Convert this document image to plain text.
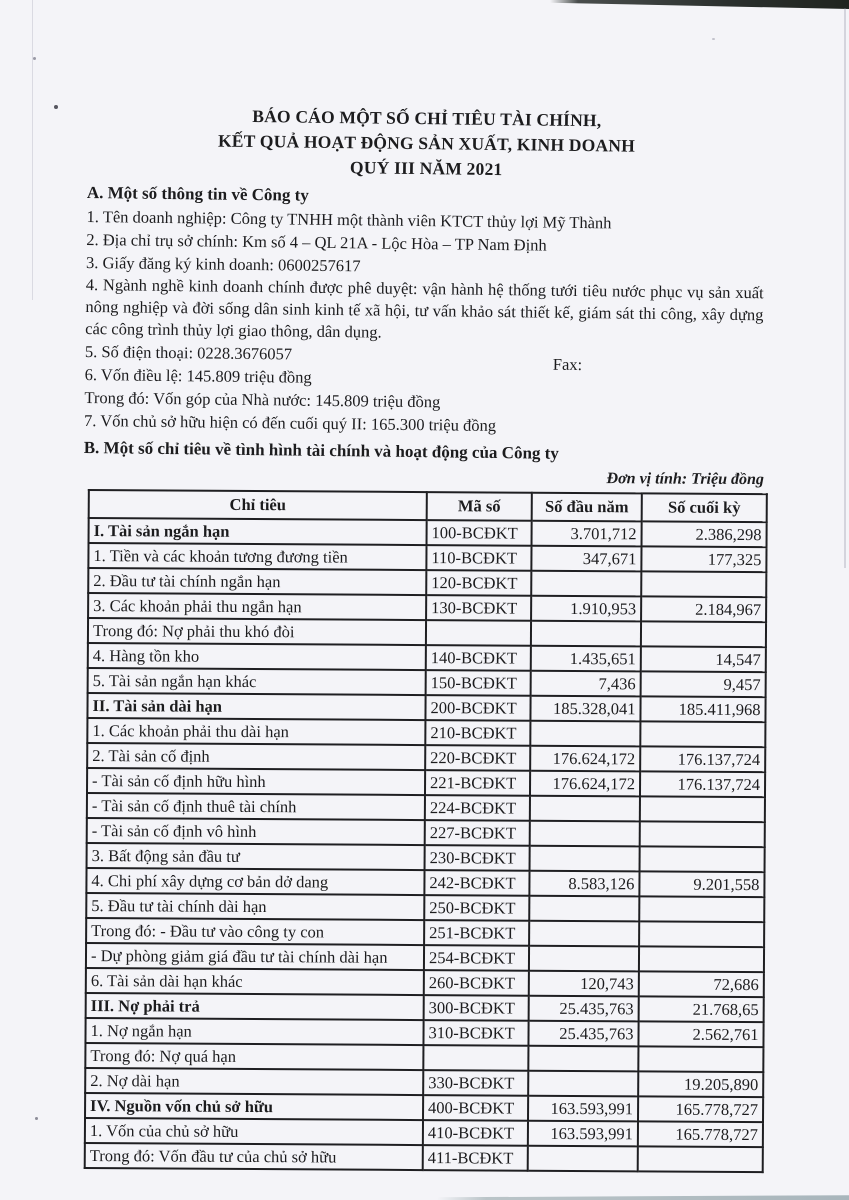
BÁO CÁO MỘT SỐ CHỈ TIÊU TÀI CHÍNH,
KẾT QUẢ HOẠT ĐỘNG SẢN XUẤT, KINH DOANH
QUÝ III NĂM 2021
A. Một số thông tin về Công ty
1. Tên doanh nghiệp: Công ty TNHH một thành viên KTCT thủy lợi Mỹ Thành
2. Địa chỉ trụ sở chính: Km số 4 – QL 21A - Lộc Hòa – TP Nam Định
3. Giấy đăng ký kinh doanh: 0600257617
4. Ngành nghề kinh doanh chính được phê duyệt: vận hành hệ thống tưới tiêu nước phục vụ sản xuất nông nghiệp và đời sống dân sinh kinh tế xã hội, tư vấn khảo sát thiết kế, giám sát thi công, xây dựng các công trình thủy lợi giao thông, dân dụng.
5. Số điện thoại: 0228.3676057
Fax:
6. Vốn điều lệ: 145.809 triệu đồng
Trong đó: Vốn góp của Nhà nước: 145.809 triệu đồng
7. Vốn chủ sở hữu hiện có đến cuối quý II: 165.300 triệu đồng
B. Một số chỉ tiêu về tình hình tài chính và hoạt động của Công ty
Đơn vị tính: Triệu đồng
Chỉ tiêu	Mã số	Số đầu năm	Số cuối kỳ
I. Tài sản ngắn hạn	100-BCĐKT	3.701,712	2.386,298
1. Tiền và các khoản tương đương tiền	110-BCĐKT	347,671	177,325
2. Đầu tư tài chính ngắn hạn	120-BCĐKT		
3. Các khoản phải thu ngắn hạn	130-BCĐKT	1.910,953	2.184,967
Trong đó: Nợ phải thu khó đòi			
4. Hàng tồn kho	140-BCĐKT	1.435,651	14,547
5. Tài sản ngắn hạn khác	150-BCĐKT	7,436	9,457
II. Tài sản dài hạn	200-BCĐKT	185.328,041	185.411,968
1. Các khoản phải thu dài hạn	210-BCĐKT		
2. Tài sản cố định	220-BCĐKT	176.624,172	176.137,724
- Tài sản cố định hữu hình	221-BCĐKT	176.624,172	176.137,724
- Tài sản cố định thuê tài chính	224-BCĐKT		
- Tài sản cố định vô hình	227-BCĐKT		
3. Bất động sản đầu tư	230-BCĐKT		
4. Chi phí xây dựng cơ bản dở dang	242-BCĐKT	8.583,126	9.201,558
5. Đầu tư tài chính dài hạn	250-BCĐKT		
Trong đó: - Đầu tư vào công ty con	251-BCĐKT		
- Dự phòng giảm giá đầu tư tài chính dài hạn	254-BCĐKT		
6. Tài sản dài hạn khác	260-BCĐKT	120,743	72,686
III. Nợ phải trả	300-BCĐKT	25.435,763	21.768,65
1. Nợ ngắn hạn	310-BCĐKT	25.435,763	2.562,761
Trong đó: Nợ quá hạn			
2. Nợ dài hạn	330-BCĐKT		19.205,890
IV. Nguồn vốn chủ sở hữu	400-BCĐKT	163.593,991	165.778,727
1. Vốn của chủ sở hữu	410-BCĐKT	163.593,991	165.778,727
Trong đó: Vốn đầu tư của chủ sở hữu	411-BCĐKT		
